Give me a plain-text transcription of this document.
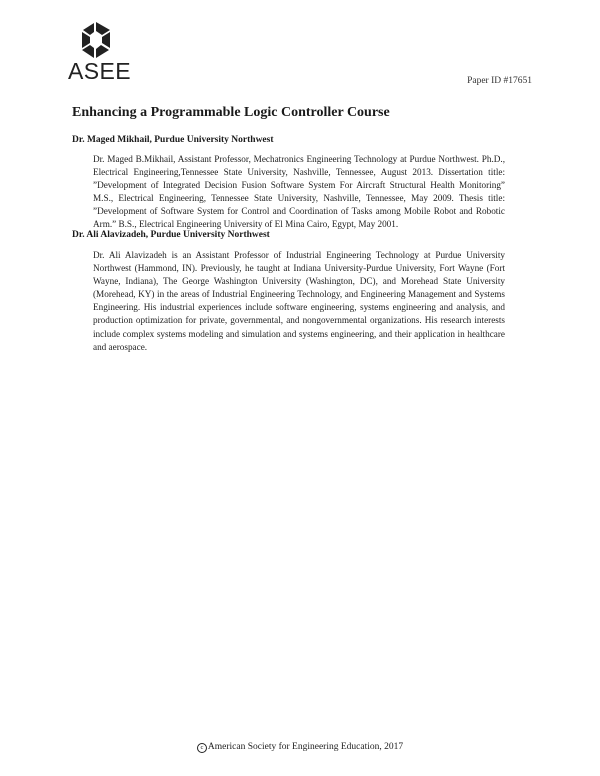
ASEE	Paper ID #17651
Enhancing a Programmable Logic Controller Course

Dr. Maged Mikhail, Purdue University Northwest

Dr. Maged B.Mikhail, Assistant Professor, Mechatronics Engineering Technology at Purdue Northwest. Ph.D., Electrical Engineering,Tennessee State University, Nashville, Tennessee, August 2013. Dissertation title: ”Development of Integrated Decision Fusion Software System For Aircraft Structural Health Monitoring” M.S., Electrical Engineering, Tennessee State University, Nashville, Tennessee, May 2009. Thesis title: ”Development of Software System for Control and Coordination of Tasks among Mobile Robot and Robotic Arm.” B.S., Electrical Engineering University of El Mina Cairo, Egypt, May 2001.

Dr. Ali Alavizadeh, Purdue University Northwest

Dr. Ali Alavizadeh is an Assistant Professor of Industrial Engineering Technology at Purdue University Northwest (Hammond, IN). Previously, he taught at Indiana University-Purdue University, Fort Wayne (Fort Wayne, Indiana), The George Washington University (Washington, DC), and Morehead State University (Morehead, KY) in the areas of Industrial Engineering Technology, and Engineering Management and Systems Engineering. His industrial experiences include software engineering, systems engineering and analysis, and production optimization for private, governmental, and nongovernmental organizations. His research interests include complex systems modeling and simulation and systems engineering, and their application in healthcare and aerospace.

c American Society for Engineering Education, 2017
